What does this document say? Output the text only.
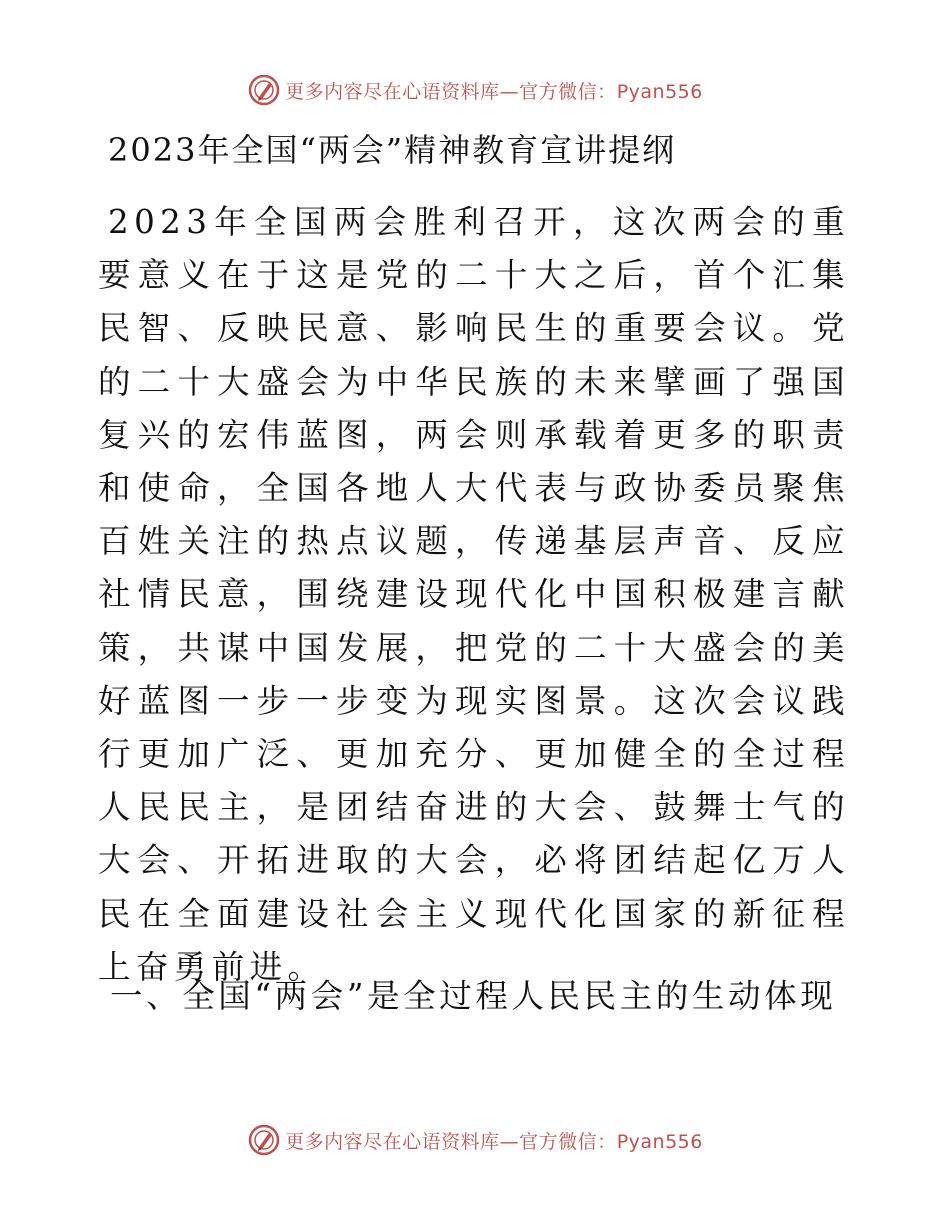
更多内容尽在心语资料库—官方微信：Pyan556
2023年全国“两会”精神教育宣讲提纲

2023年全国两会胜利召开，这次两会的重要意义在于这是党的二十大之后，首个汇集民智、反映民意、影响民生的重要会议。党的二十大盛会为中华民族的未来擘画了强国复兴的宏伟蓝图，两会则承载着更多的职责和使命，全国各地人大代表与政协委员聚焦百姓关注的热点议题，传递基层声音、反应社情民意，围绕建设现代化中国积极建言献策，共谋中国发展，把党的二十大盛会的美好蓝图一步一步变为现实图景。这次会议践行更加广泛、更加充分、更加健全的全过程人民民主，是团结奋进的大会、鼓舞士气的大会、开拓进取的大会，必将团结起亿万人民在全面建设社会主义现代化国家的新征程上奋勇前进。

一、全国“两会”是全过程人民民主的生动体现
更多内容尽在心语资料库—官方微信：Pyan556
